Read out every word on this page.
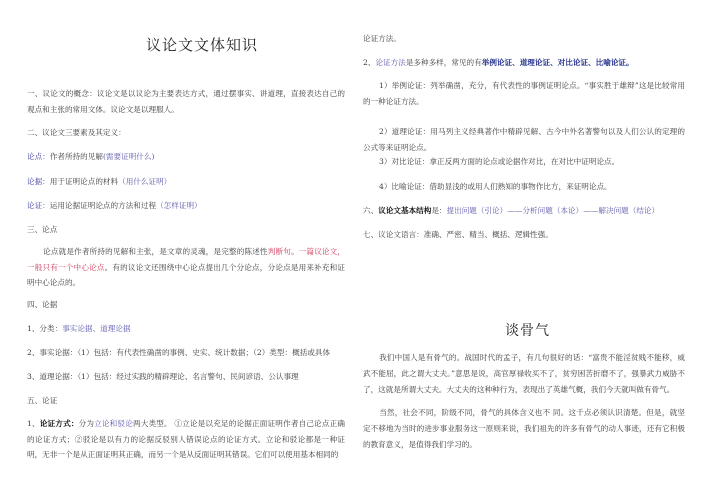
议论文文体知识
一、议论文的概念：议论文是以议论为主要表达方式，通过摆事实、讲道理，直接表达自己的观点和主张的常用文体。议论文是以理服人。
二、议论文三要素及其定义：
论点：作者所持的见解(需要证明什么)
论据：用于证明论点的材料（用什么证明）
论证：运用论据证明论点的方法和过程（怎样证明）
三、论点
论点就是作者所持的见解和主张，是文章的灵魂，是完整的陈述性判断句。一篇议论文，一般只有一个中心论点。有的议论文还围绕中心论点提出几个分论点，分论点是用来补充和证明中心论点的。
四、论据
1、分类：事实论据、道理论据
2、事实论据：（1）包括：有代表性确凿的事例、史实、统计数据；（2）类型：概括或具体
3、道理论据：（1）包括：经过实践的精辟理论、名言警句、民间谚语、公认事理
五、论证
1、论证方式：分为立论和驳论两大类型。 ①立论是以充足的论据正面证明作者自己论点正确的论证方式；②驳论是以有力的论据反驳别人错误论点的论证方式。立论和驳论都是一种证明，无非一个是从正面证明其正确，而另一个是从反面证明其错误。它们可以使用基本相同的
论证方法。
2、论证方法是多种多样，常见的有举例论证、道理论证、对比论证、比喻论证。
1）举例论证：列举确凿，充分，有代表性的事例证明论点。“事实胜于雄辩”这是比较常用的一种论证方法。
2）道理论证：用马列主义经典著作中精辟见解、古今中外名著警句以及人们公认的定理的公式等来证明论点。
3）对比论证：拿正反两方面的论点或论据作对比，在对比中证明论点。
4）比喻论证：借助显浅的或用人们熟知的事物作比方，来证明论点。
六、议论文基本结构是：提出问题（引论）——分析问题（本论）——解决问题（结论）
七、议论文语言：准确、严密、精当、概括、逻辑性强。
谈骨气
我们中国人是有骨气的。战国时代的孟子，有几句很好的话：“富贵不能淫贫贱不能移，威武不能屈，此之谓大丈夫。”意思是说，高官厚禄收买不了，贫穷困苦折磨不了，强暴武力威胁不了，这就是所谓大丈夫。大丈夫的这种种行为，表现出了英雄气概，我们今天就叫做有骨气。
当然，社会不同，阶级不同，骨气的具体含义也不 同。这千点必须认识清楚。但是，就坚定不移地为当时的进步事业服务这一原则来说，我们祖先的许多有骨气的动人事迹，还有它积极的教育意义，是值得我们学习的。
